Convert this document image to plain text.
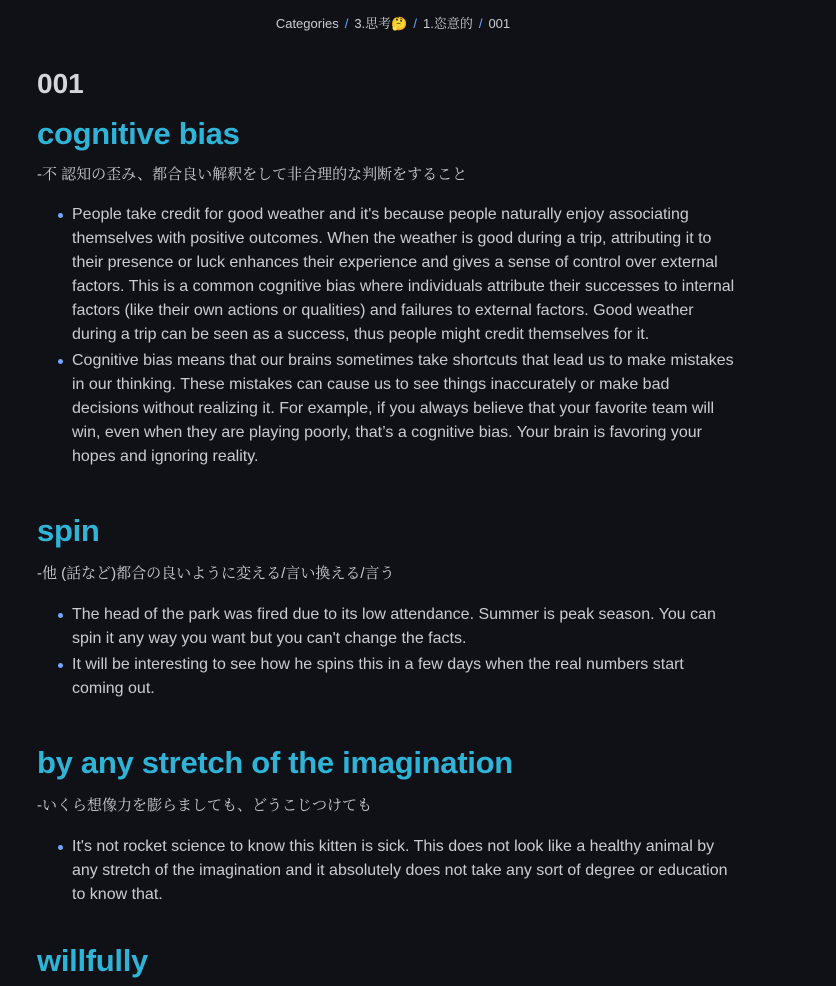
Categories / 3.思考🤔 / 1.恣意的 / 001
001
cognitive bias

-不 認知の歪み、都合良い解釈をして非合理的な判断をすること

People take credit for good weather and it's because people naturally enjoy associating themselves with positive outcomes. When the weather is good during a trip, attributing it to their presence or luck enhances their experience and gives a sense of control over external factors. This is a common cognitive bias where individuals attribute their successes to internal factors (like their own actions or qualities) and failures to external factors. Good weather during a trip can be seen as a success, thus people might credit themselves for it.
Cognitive bias means that our brains sometimes take shortcuts that lead us to make mistakes in our thinking. These mistakes can cause us to see things inaccurately or make bad decisions without realizing it. For example, if you always believe that your favorite team will win, even when they are playing poorly, that’s a cognitive bias. Your brain is favoring your hopes and ignoring reality.
spin

-他 (話など)都合の良いように変える/言い換える/言う

The head of the park was fired due to its low attendance. Summer is peak season. You can spin it any way you want but you can't change the facts.
It will be interesting to see how he spins this in a few days when the real numbers start coming out.
by any stretch of the imagination

-いくら想像力を膨らましても、どうこじつけても

It's not rocket science to know this kitten is sick. This does not look like a healthy animal by any stretch of the imagination and it absolutely does not take any sort of degree or education to know that.
willfully
